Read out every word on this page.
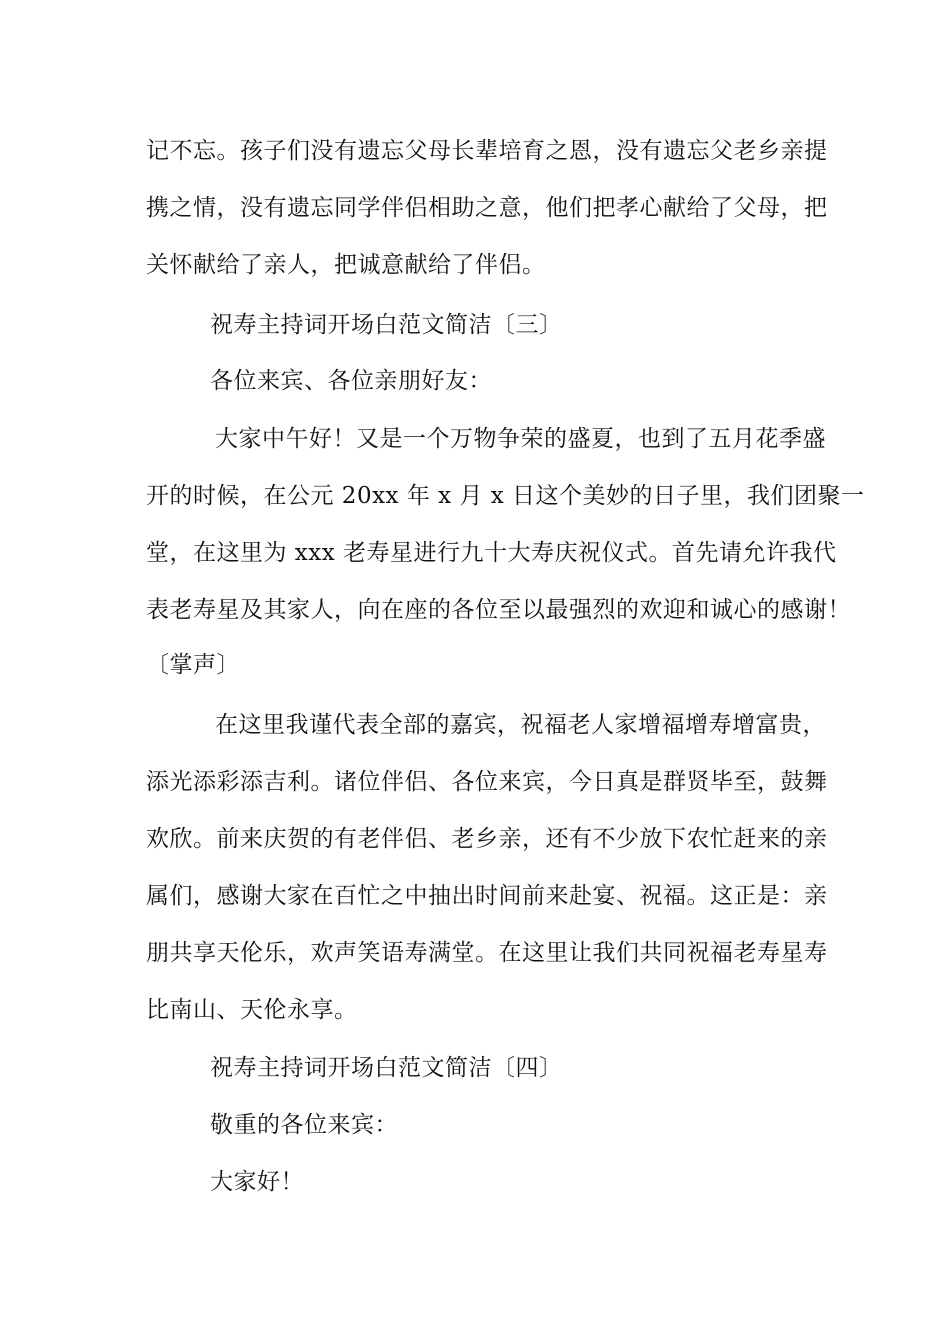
记不忘。孩子们没有遗忘父母长辈培育之恩，没有遗忘父老乡亲提
携之情，没有遗忘同学伴侣相助之意，他们把孝心献给了父母，把
关怀献给了亲人，把诚意献给了伴侣。
祝寿主持词开场白范文简洁〔三〕
各位来宾、各位亲朋好友：
大家中午好！又是一个万物争荣的盛夏，也到了五月花季盛
开的时候，在公元 20xx 年 x 月 x 日这个美妙的日子里，我们团聚一
堂，在这里为 xxx 老寿星进行九十大寿庆祝仪式。首先请允许我代
表老寿星及其家人，向在座的各位至以最强烈的欢迎和诚心的感谢！
〔掌声〕
在这里我谨代表全部的嘉宾，祝福老人家增福增寿增富贵，
添光添彩添吉利。诸位伴侣、各位来宾，今日真是群贤毕至，鼓舞
欢欣。前来庆贺的有老伴侣、老乡亲，还有不少放下农忙赶来的亲
属们，感谢大家在百忙之中抽出时间前来赴宴、祝福。这正是：亲
朋共享天伦乐，欢声笑语寿满堂。在这里让我们共同祝福老寿星寿
比南山、天伦永享。
祝寿主持词开场白范文简洁〔四〕
敬重的各位来宾：
大家好！
